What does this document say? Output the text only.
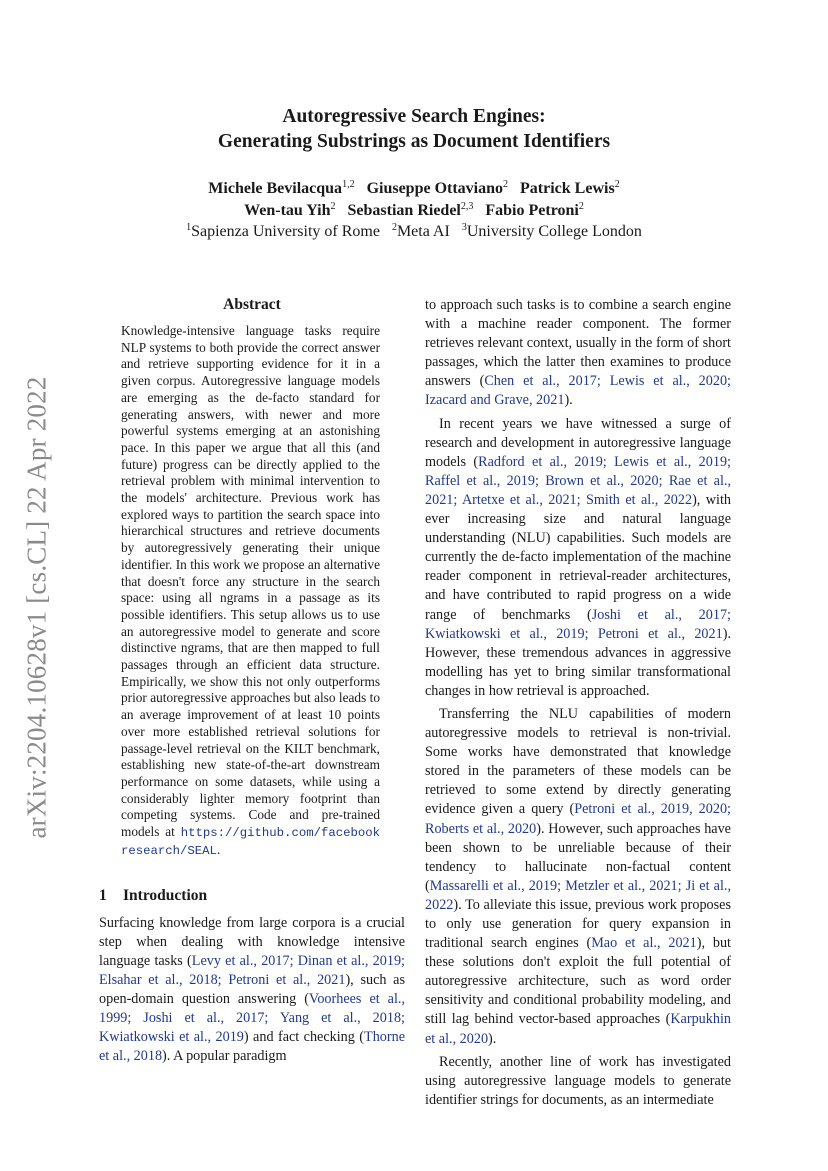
arXiv:2204.10628v1 [cs.CL] 22 Apr 2022
Autoregressive Search Engines:
Generating Substrings as Document Identifiers
Michele Bevilacqua$^{1,2}$ Giuseppe Ottaviano$^2$ Patrick Lewis$^2$
Wen-tau Yih$^2$ Sebastian Riedel$^{2,3}$ Fabio Petroni$^2$
$^1$Sapienza University of Rome $^2$Meta AI $^3$University College London
Abstract

Knowledge-intensive language tasks require NLP systems to both provide the correct answer and retrieve supporting evidence for it in a given corpus. Autoregressive language models are emerging as the de-facto standard for generating answers, with newer and more powerful systems emerging at an astonishing pace. In this paper we argue that all this (and future) progress can be directly applied to the retrieval problem with minimal intervention to the models' architecture. Previous work has explored ways to partition the search space into hierarchical structures and retrieve documents by autoregressively generating their unique identifier. In this work we propose an alternative that doesn't force any structure in the search space: using all ngrams in a passage as its possible identifiers. This setup allows us to use an autoregressive model to generate and score distinctive ngrams, that are then mapped to full passages through an efficient data structure. Empirically, we show this not only outperforms prior autoregressive approaches but also leads to an average improvement of at least 10 points over more established retrieval solutions for passage-level retrieval on the KILT benchmark, establishing new state-of-the-art downstream performance on some datasets, while using a considerably lighter memory footprint than competing systems. Code and pre-trained models at https://github.com/facebookresearch/SEAL.

1 Introduction

Surfacing knowledge from large corpora is a crucial step when dealing with knowledge intensive language tasks (Levy et al., 2017; Dinan et al., 2019; Elsahar et al., 2018; Petroni et al., 2021), such as open-domain question answering (Voorhees et al., 1999; Joshi et al., 2017; Yang et al., 2018; Kwiatkowski et al., 2019) and fact checking (Thorne et al., 2018). A popular paradigm

to approach such tasks is to combine a search engine with a machine reader component. The former retrieves relevant context, usually in the form of short passages, which the latter then examines to produce answers (Chen et al., 2017; Lewis et al., 2020; Izacard and Grave, 2021).

In recent years we have witnessed a surge of research and development in autoregressive language models (Radford et al., 2019; Lewis et al., 2019; Raffel et al., 2019; Brown et al., 2020; Rae et al., 2021; Artetxe et al., 2021; Smith et al., 2022), with ever increasing size and natural language understanding (NLU) capabilities. Such models are currently the de-facto implementation of the machine reader component in retrieval-reader architectures, and have contributed to rapid progress on a wide range of benchmarks (Joshi et al., 2017; Kwiatkowski et al., 2019; Petroni et al., 2021). However, these tremendous advances in aggressive modelling has yet to bring similar transformational changes in how retrieval is approached.

Transferring the NLU capabilities of modern autoregressive models to retrieval is non-trivial. Some works have demonstrated that knowledge stored in the parameters of these models can be retrieved to some extend by directly generating evidence given a query (Petroni et al., 2019, 2020; Roberts et al., 2020). However, such approaches have been shown to be unreliable because of their tendency to hallucinate non-factual content (Massarelli et al., 2019; Metzler et al., 2021; Ji et al., 2022). To alleviate this issue, previous work proposes to only use generation for query expansion in traditional search engines (Mao et al., 2021), but these solutions don't exploit the full potential of autoregressive architecture, such as word order sensitivity and conditional probability modeling, and still lag behind vector-based approaches (Karpukhin et al., 2020).

Recently, another line of work has investigated using autoregressive language models to generate identifier strings for documents, as an intermediate
